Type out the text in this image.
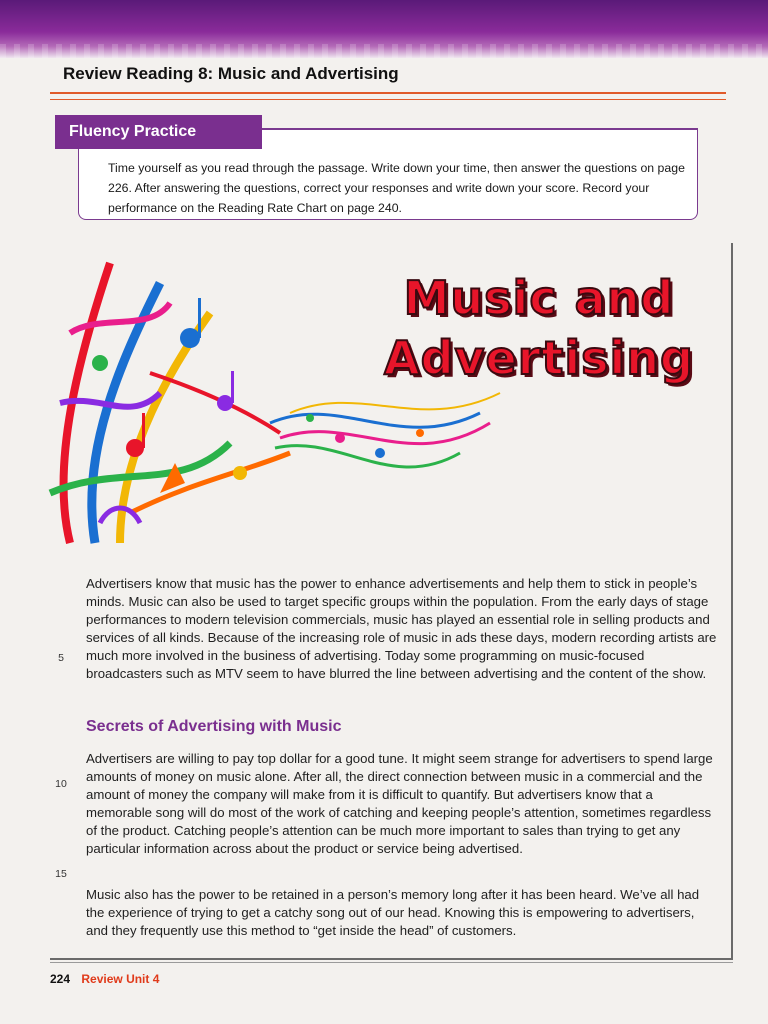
Review Reading 8: Music and Advertising
Fluency Practice
Time yourself as you read through the passage. Write down your time, then answer the questions on page 226. After answering the questions, correct your responses and write down your score. Record your performance on the Reading Rate Chart on page 240.
Music and
Advertising
Advertisers know that music has the power to enhance advertisements and help them to stick in people’s minds. Music can also be used to target specific groups within the population. From the early days of stage performances to modern television commercials, music has played an essential role in selling products and services of all kinds. Because of the increasing role of music in ads these days, modern recording artists are much more involved in the business of advertising. Today some programming on music-focused broadcasters such as MTV seem to have blurred the line between advertising and the content of the show.
Secrets of Advertising with Music
Advertisers are willing to pay top dollar for a good tune. It might seem strange for advertisers to spend large amounts of money on music alone. After all, the direct connection between music in a commercial and the amount of money the company will make from it is difficult to quantify. But advertisers know that a memorable song will do most of the work of catching and keeping people’s attention, sometimes regardless of the product. Catching people’s attention can be much more important to sales than trying to get any particular information across about the product or service being advertised.
Music also has the power to be retained in a person’s memory long after it has been heard. We’ve all had the experience of trying to get a catchy song out of our head. Knowing this is empowering to advertisers, and they frequently use this method to “get inside the head” of customers.
5
10
15
224 Review Unit 4
